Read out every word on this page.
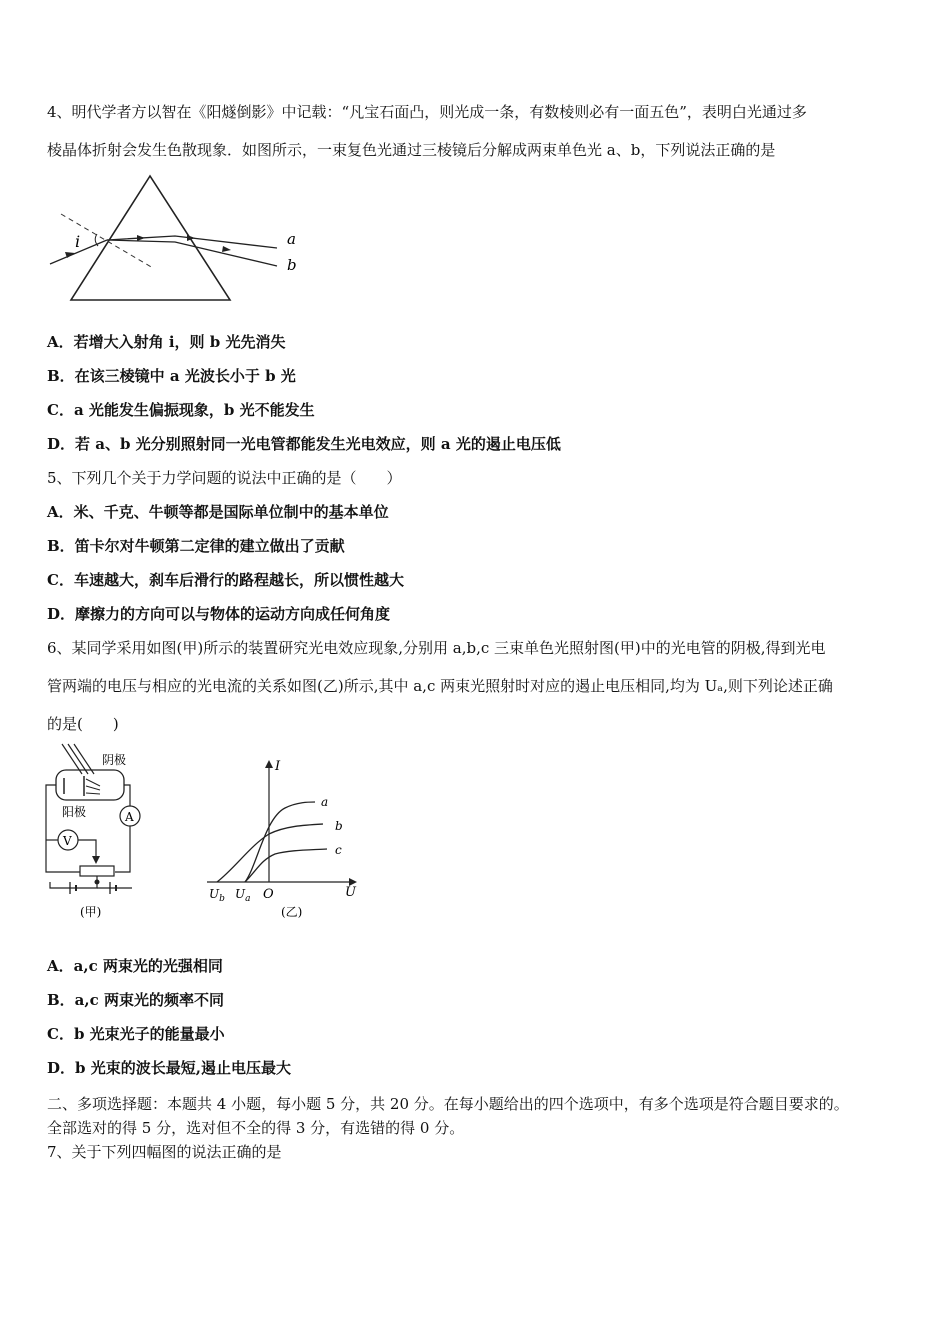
4、明代学者方以智在《阳燧倒影》中记载：“凡宝石面凸，则光成一条，有数棱则必有一面五色”，表明白光通过多
棱晶体折射会发生色散现象．如图所示，一束复色光通过三棱镜后分解成两束单色光 a、b，下列说法正确的是
i	a
b
A．若增大入射角 i，则 b 光先消失
B．在该三棱镜中 a 光波长小于 b 光
C．a 光能发生偏振现象，b 光不能发生
D．若 a、b 光分别照射同一光电管都能发生光电效应，则 a 光的遏止电压低
5、下列几个关于力学问题的说法中正确的是（　　）
A．米、千克、牛顿等都是国际单位制中的基本单位
B．笛卡尔对牛顿第二定律的建立做出了贡献
C．车速越大，刹车后滑行的路程越长，所以惯性越大
D．摩擦力的方向可以与物体的运动方向成任何角度
6、某同学采用如图(甲)所示的装置研究光电效应现象,分别用 a,b,c 三束单色光照射图(甲)中的光电管的阴极,得到光电
管两端的电压与相应的光电流的关系如图(乙)所示,其中 a,c 两束光照射时对应的遏止电压相同,均为 Uₐ,则下列论述正确
的是(　　)
阴极
阳极	A
V
(甲)
I
U
O
$U_b$ $U_a$
a
b
c
(乙)
A．a,c 两束光的光强相同
B．a,c 两束光的频率不同
C．b 光束光子的能量最小
D．b 光束的波长最短,遏止电压最大
二、多项选择题：本题共 4 小题，每小题 5 分，共 20 分。在每小题给出的四个选项中，有多个选项是符合题目要求的。
全部选对的得 5 分，选对但不全的得 3 分，有选错的得 0 分。
7、关于下列四幅图的说法正确的是
